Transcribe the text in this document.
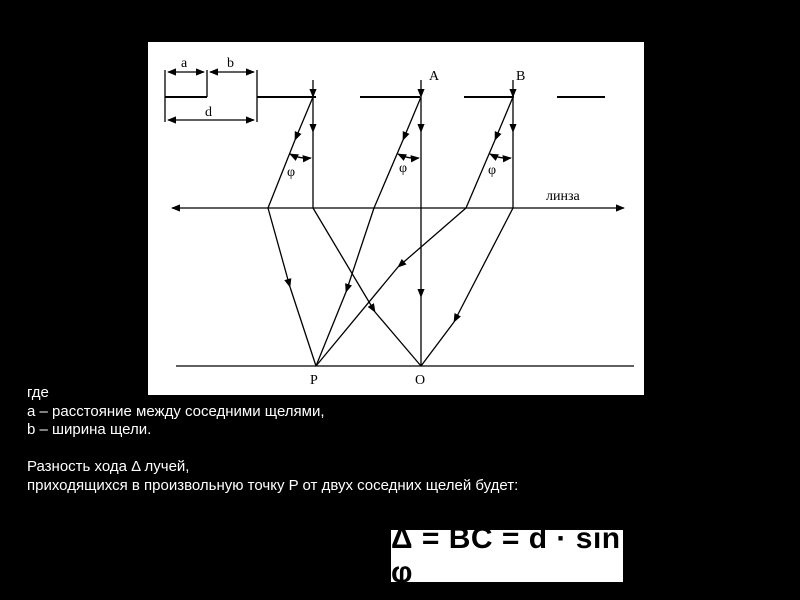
a	b
d
A	B
φ	φ	φ
линза
P	O

где

a – расстояние между соседними щелями,

b – ширина щели.

Разность хода Δ лучей,

приходящихся в произвольную точку P от двух соседних щелей будет:

Δ = BC = d · sin φ
